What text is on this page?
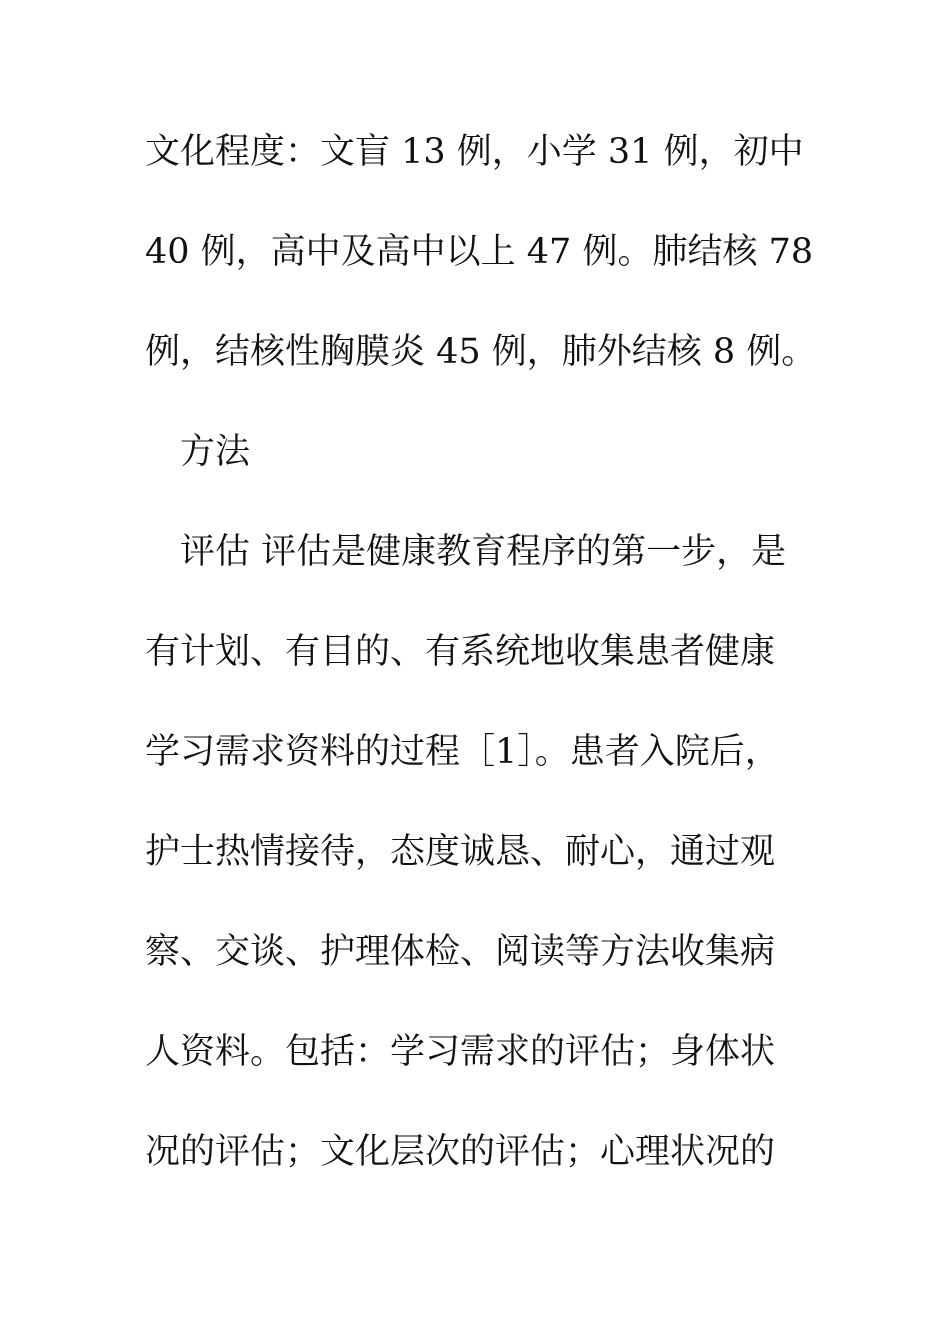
文化程度：文盲 13 例，小学 31 例，初中

40 例，高中及高中以上 47 例。肺结核 78

例，结核性胸膜炎 45 例，肺外结核 8 例。

方法

评估 评估是健康教育程序的第一步，是

有计划、有目的、有系统地收集患者健康

学习需求资料的过程［1］。患者入院后，

护士热情接待，态度诚恳、耐心，通过观

察、交谈、护理体检、阅读等方法收集病

人资料。包括：学习需求的评估；身体状

况的评估；文化层次的评估；心理状况的
